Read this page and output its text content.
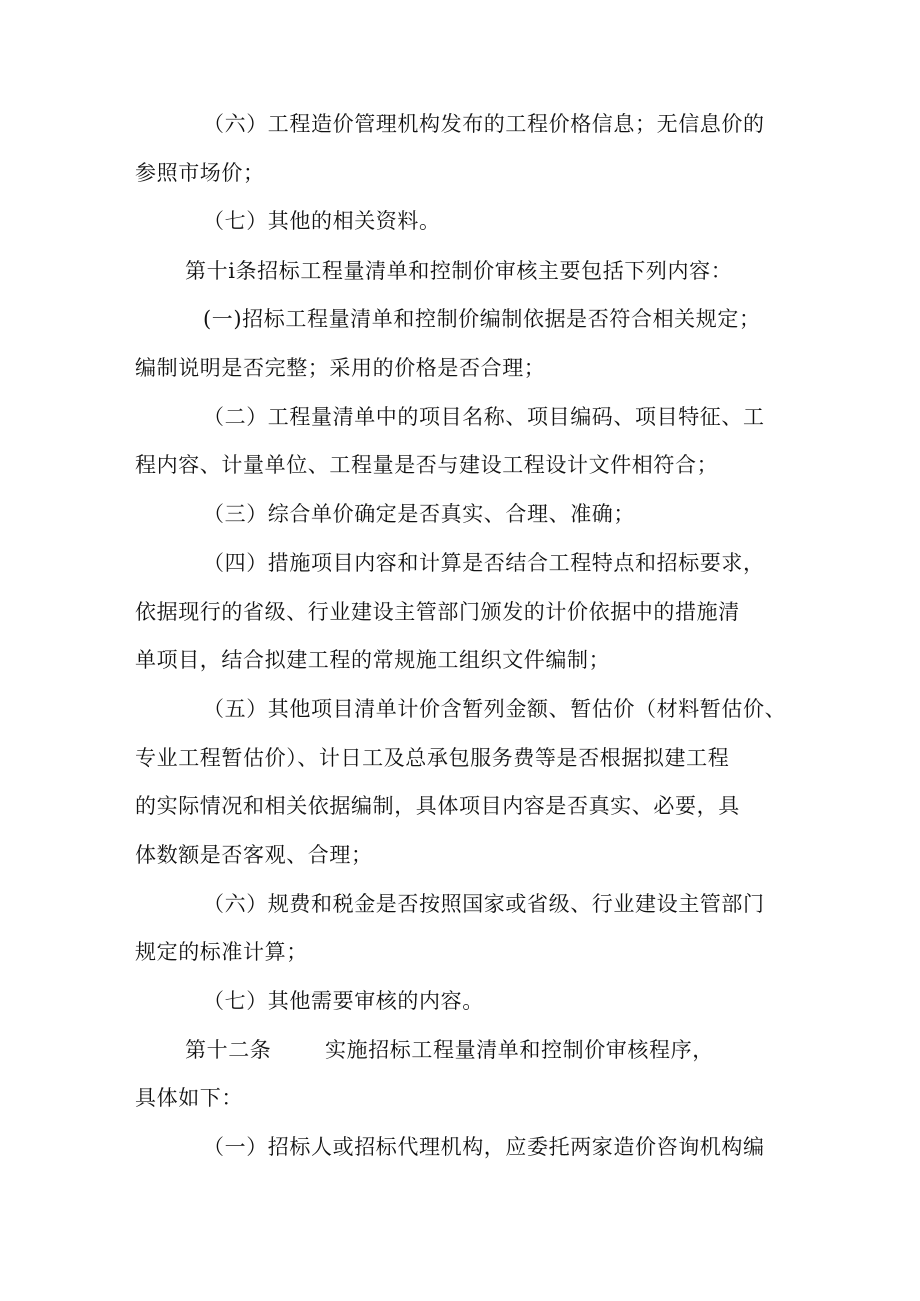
（六）工程造价管理机构发布的工程价格信息；无信息价的
参照市场价；
（七）其他的相关资料。
第十i条招标工程量清单和控制价审核主要包括下列内容：
(一)招标工程量清单和控制价编制依据是否符合相关规定；
编制说明是否完整；采用的价格是否合理；
（二）工程量清单中的项目名称、项目编码、项目特征、工
程内容、计量单位、工程量是否与建设工程设计文件相符合；
（三）综合单价确定是否真实、合理、准确；
（四）措施项目内容和计算是否结合工程特点和招标要求，
依据现行的省级、行业建设主管部门颁发的计价依据中的措施清
单项目，结合拟建工程的常规施工组织文件编制；
（五）其他项目清单计价含暂列金额、暂估价（材料暂估价、
专业工程暂估价）、计日工及总承包服务费等是否根据拟建工程
的实际情况和相关依据编制，具体项目内容是否真实、必要，具
体数额是否客观、合理；
（六）规费和税金是否按照国家或省级、行业建设主管部门
规定的标准计算；
（七）其他需要审核的内容。
第十二条	实施招标工程量清单和控制价审核程序，
具体如下：
（一）招标人或招标代理机构，应委托两家造价咨询机构编
